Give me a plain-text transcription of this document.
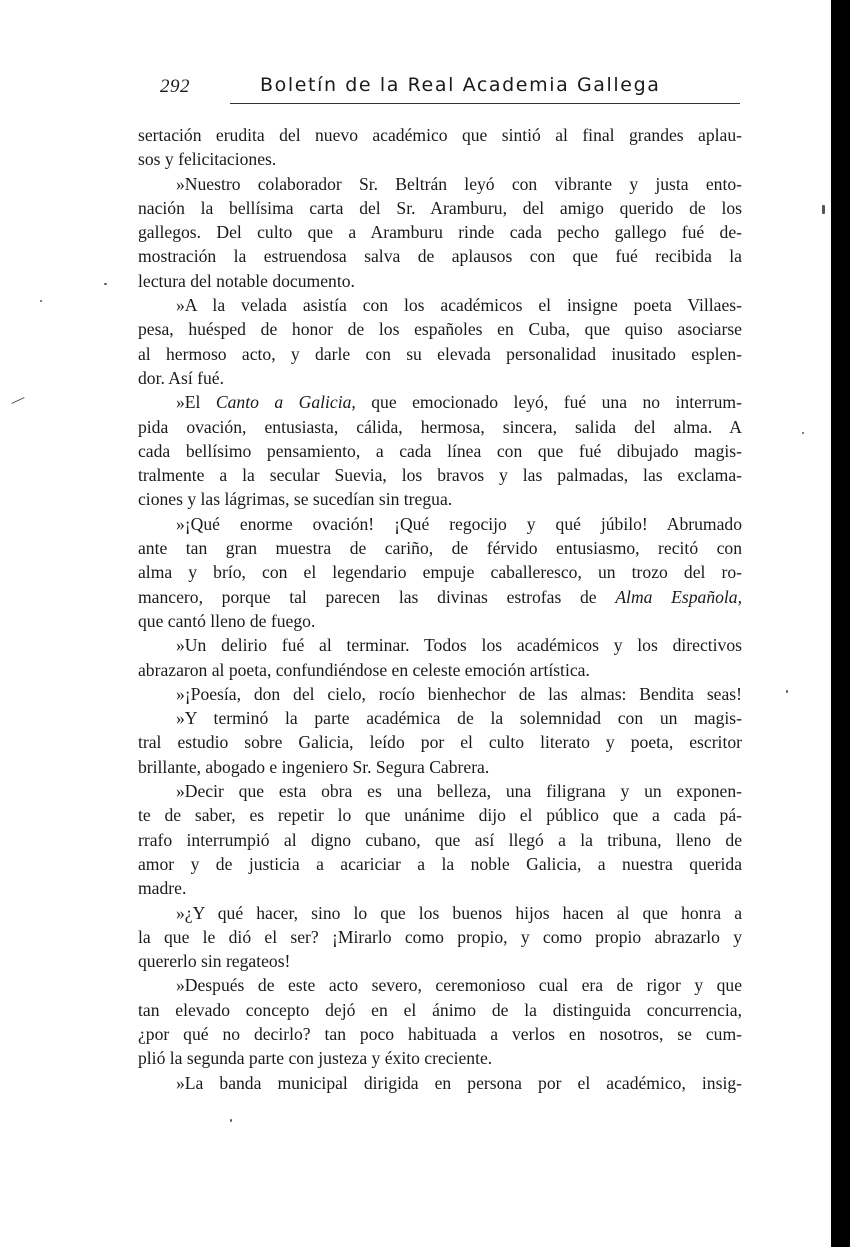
292	Boletín de la Real Academia Gallega
sertación erudita del nuevo académico que sintió al final grandes aplau-
sos y felicitaciones.
»Nuestro colaborador Sr. Beltrán leyó con vibrante y justa ento-
nación la bellísima carta del Sr. Aramburu, del amigo querido de los
gallegos. Del culto que a Aramburu rinde cada pecho gallego fué de-
mostración la estruendosa salva de aplausos con que fué recibida la
lectura del notable documento.
»A la velada asistía con los académicos el insigne poeta Villaes-
pesa, huésped de honor de los españoles en Cuba, que quiso asociarse
al hermoso acto, y darle con su elevada personalidad inusitado esplen-
dor. Así fué.
»El Canto a Galicia, que emocionado leyó, fué una no interrum-
pida ovación, entusiasta, cálida, hermosa, sincera, salida del alma. A
cada bellísimo pensamiento, a cada línea con que fué dibujado magis-
tralmente a la secular Suevia, los bravos y las palmadas, las exclama-
ciones y las lágrimas, se sucedían sin tregua.
»¡Qué enorme ovación! ¡Qué regocijo y qué júbilo! Abrumado
ante tan gran muestra de cariño, de férvido entusiasmo, recitó con
alma y brío, con el legendario empuje caballeresco, un trozo del ro-
mancero, porque tal parecen las divinas estrofas de Alma Española,
que cantó lleno de fuego.
»Un delirio fué al terminar. Todos los académicos y los directivos
abrazaron al poeta, confundiéndose en celeste emoción artística.
»¡Poesía, don del cielo, rocío bienhechor de las almas: Bendita seas!
»Y terminó la parte académica de la solemnidad con un magis-
tral estudio sobre Galicia, leído por el culto literato y poeta, escritor
brillante, abogado e ingeniero Sr. Segura Cabrera.
»Decir que esta obra es una belleza, una filigrana y un exponen-
te de saber, es repetir lo que unánime dijo el público que a cada pá-
rrafo interrumpió al digno cubano, que así llegó a la tribuna, lleno de
amor y de justicia a acariciar a la noble Galicia, a nuestra querida
madre.
»¿Y qué hacer, sino lo que los buenos hijos hacen al que honra a
la que le dió el ser? ¡Mirarlo como propio, y como propio abrazarlo y
quererlo sin regateos!
»Después de este acto severo, ceremonioso cual era de rigor y que
tan elevado concepto dejó en el ánimo de la distinguida concurrencia,
¿por qué no decirlo? tan poco habituada a verlos en nosotros, se cum-
plió la segunda parte con justeza y éxito creciente.
»La banda municipal dirigida en persona por el académico, insig-
